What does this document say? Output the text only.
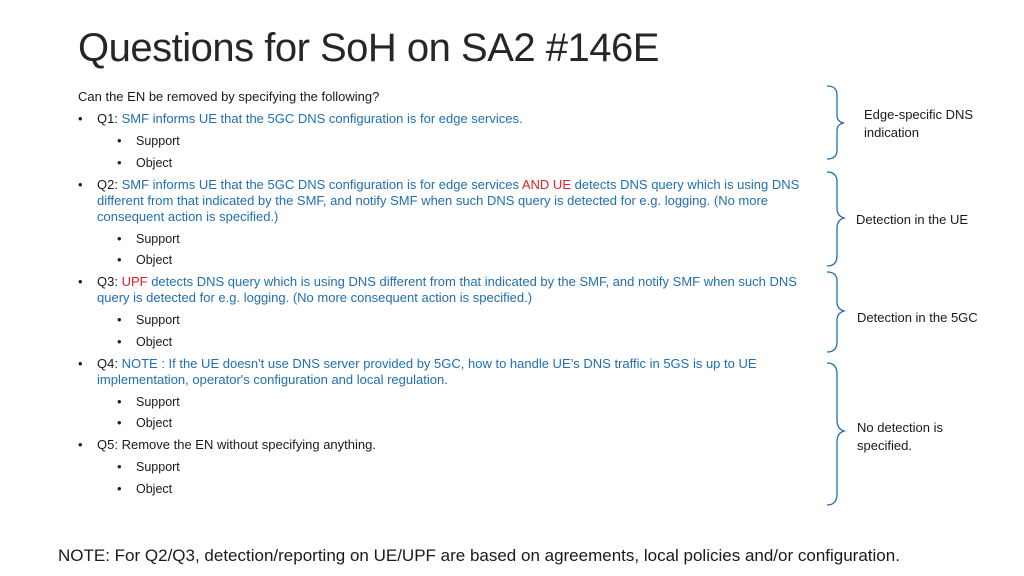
Questions for SoH on SA2 #146E
Can the EN be removed by specifying the following?
• Q1: SMF informs UE that the 5GC DNS configuration is for edge services.
• Support
• Object
• Q2: SMF informs UE that the 5GC DNS configuration is for edge services AND UE detects DNS query which is using DNS different from that indicated by the SMF, and notify SMF when such DNS query is detected for e.g. logging. (No more consequent action is specified.)
• Support
• Object
• Q3: UPF detects DNS query which is using DNS different from that indicated by the SMF, and notify SMF when such DNS query is detected for e.g. logging. (No more consequent action is specified.)
• Support
• Object
• Q4: NOTE : If the UE doesn't use DNS server provided by 5GC, how to handle UE’s DNS traffic in 5GS is up to UE implementation, operator's configuration and local regulation.
• Support
• Object
• Q5: Remove the EN without specifying anything.
• Support
• Object
Edge-specific DNS indication
Detection in the UE
Detection in the 5GC
No detection is specified.
NOTE: For Q2/Q3, detection/reporting on UE/UPF are based on agreements, local policies and/or configuration.
